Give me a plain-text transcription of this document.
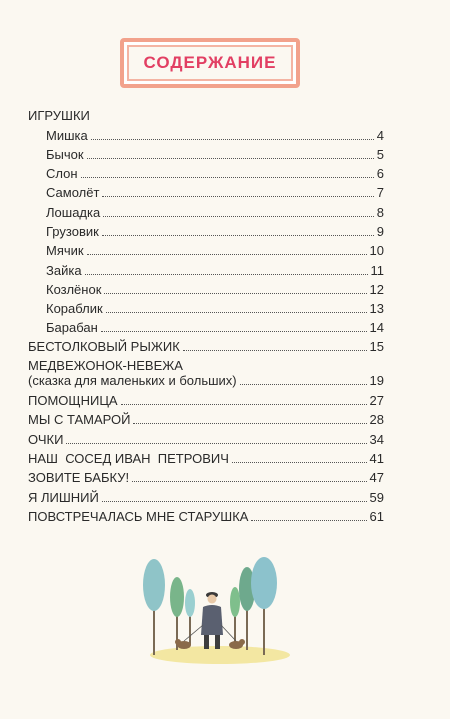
СОДЕРЖАНИЕ
ИГРУШКИ
Мишка	4
Бычок	5
Слон	6
Самолёт	7
Лошадка	8
Грузовик	9
Мячик	10
Зайка	11
Козлёнок	12
Кораблик	13
Барабан	14
БЕСТОЛКОВЫЙ РЫЖИК	15
МЕДВЕЖОНОК-НЕВЕЖА
(сказка для маленьких и больших)	19
ПОМОЩНИЦА	27
МЫ С ТАМАРОЙ	28
ОЧКИ	34
НАШ  СОСЕД ИВАН  ПЕТРОВИЧ	41
ЗОВИТЕ БАБКУ!	47
Я ЛИШНИЙ	59
ПОВСТРЕЧАЛАСЬ МНЕ СТАРУШКА	61
